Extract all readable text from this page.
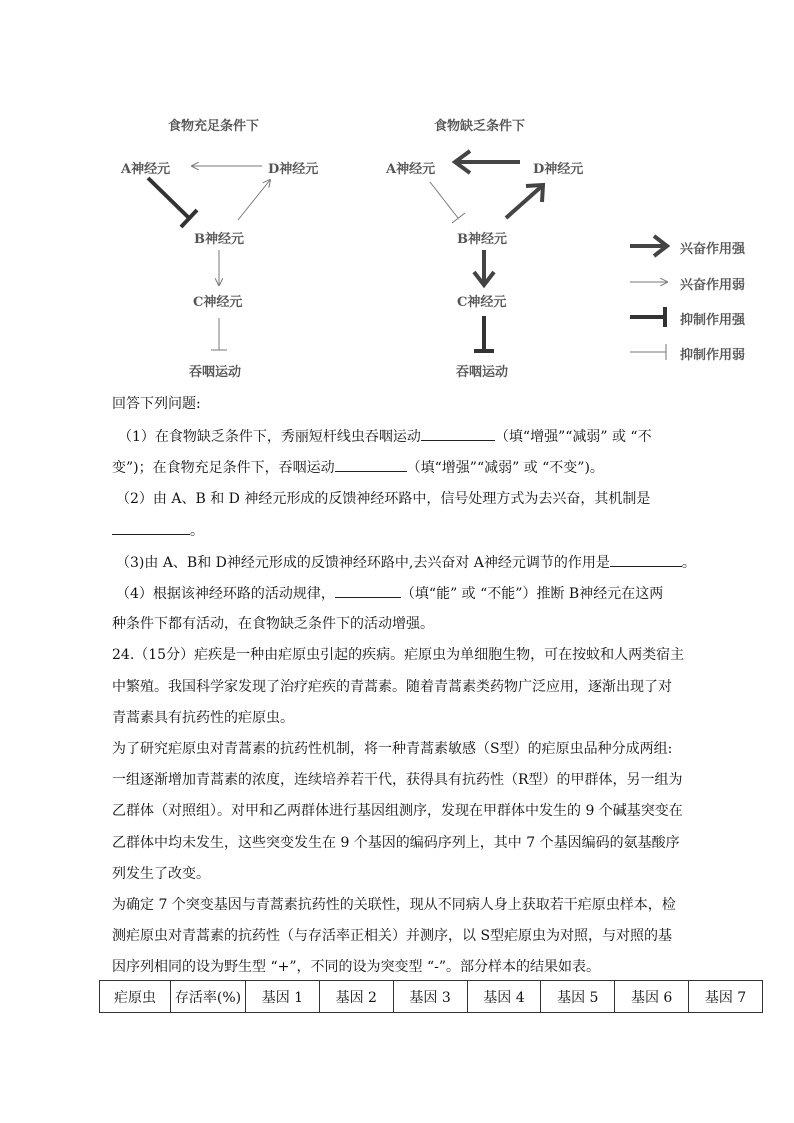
食物充足条件下	食物缺乏条件下
A神经元	D神经元
B神经元
C神经元
吞咽运动
A神经元	D神经元
B神经元
C神经元
吞咽运动
兴奋作用强
兴奋作用弱
抑制作用强
抑制作用弱
回答下列问题:
（1）在食物缺乏条件下，秀丽短杆线虫吞咽运动	（填“增强”“减弱” 或 “不
变”)；在食物充足条件下，吞咽运动	（填“增强”“减弱” 或 “不变”)。
（2）由 A、B 和 D 神经元形成的反馈神经环路中，信号处理方式为去兴奋，其机制是
。
（3)由 A、B和 D神经元形成的反馈神经环路中,去兴奋对 A神经元调节的作用是	。
（4）根据该神经环路的活动规律，	（填“能” 或 “不能”）推断 B神经元在这两
种条件下都有活动，在食物缺乏条件下的活动增强。
24.（15分）疟疾是一种由疟原虫引起的疾病。疟原虫为单细胞生物，可在按蚊和人两类宿主
中繁殖。我国科学家发现了治疗疟疾的青蒿素。随着青蒿素类药物广泛应用，逐渐出现了对
青蒿素具有抗药性的疟原虫。
为了研究疟原虫对青蒿素的抗药性机制，将一种青蒿素敏感（S型）的疟原虫品种分成两组:
一组逐渐增加青蒿素的浓度，连续培养若干代，获得具有抗药性（R型）的甲群体，另一组为
乙群体（对照组）。对甲和乙两群体进行基因组测序，发现在甲群体中发生的 9 个碱基突变在
乙群体中均未发生，这些突变发生在 9 个基因的编码序列上，其中 7 个基因编码的氨基酸序
列发生了改变。
为确定 7 个突变基因与青蒿素抗药性的关联性，现从不同病人身上获取若干疟原虫样本，检
测疟原虫对青蒿素的抗药性（与存活率正相关）并测序，以 S型疟原虫为对照，与对照的基
因序列相同的设为野生型 “+”，不同的设为突变型 “-”。部分样本的结果如表。
疟原虫	存活率(%)	基因 1	基因 2	基因 3	基因 4	基因 5	基因 6	基因 7
